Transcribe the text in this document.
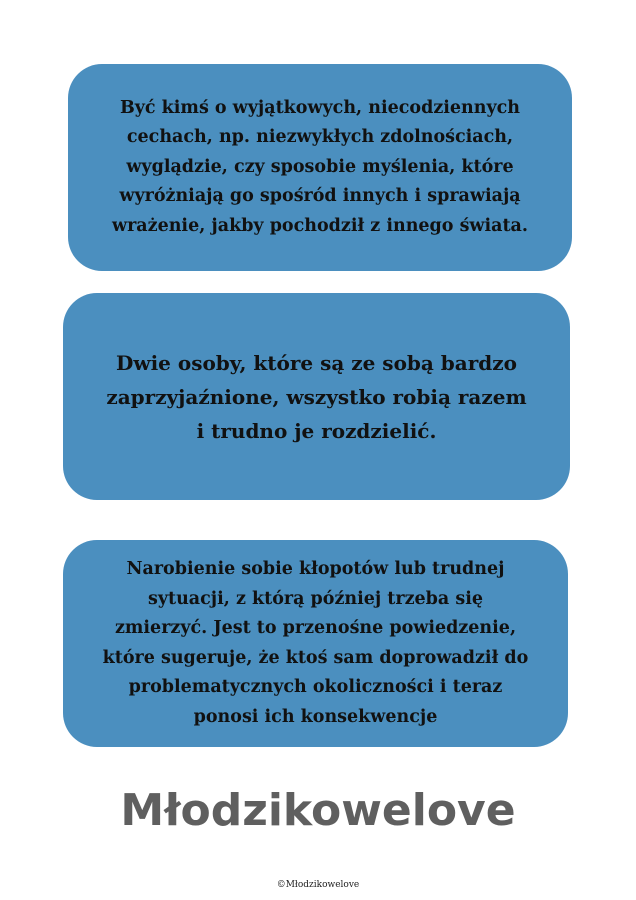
Być kimś o wyjątkowych, niecodziennych
cechach, np. niezwykłych zdolnościach,
wyglądzie, czy sposobie myślenia, które
wyróżniają go spośród innych i sprawiają
wrażenie, jakby pochodził z innego świata.
Dwie osoby, które są ze sobą bardzo
zaprzyjaźnione, wszystko robią razem
i trudno je rozdzielić.
Narobienie sobie kłopotów lub trudnej
sytuacji, z którą później trzeba się
zmierzyć. Jest to przenośne powiedzenie,
które sugeruje, że ktoś sam doprowadził do
problematycznych okoliczności i teraz
ponosi ich konsekwencje
Młodzikowelove
©Młodzikowelove
